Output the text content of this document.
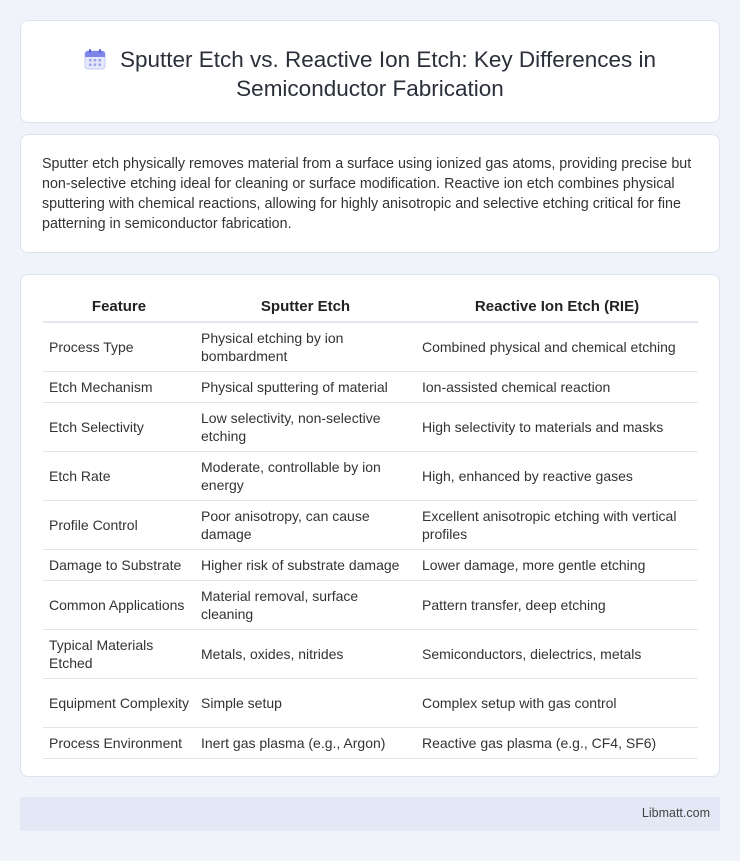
Sputter Etch vs. Reactive Ion Etch: Key Differences in Semiconductor Fabrication

Sputter etch physically removes material from a surface using ionized gas atoms, providing precise but non-selective etching ideal for cleaning or surface modification. Reactive ion etch combines physical sputtering with chemical reactions, allowing for highly anisotropic and selective etching critical for fine patterning in semiconductor fabrication.

Feature	Sputter Etch	Reactive Ion Etch (RIE)
Process Type	Physical etching by ion bombardment	Combined physical and chemical etching
Etch Mechanism	Physical sputtering of material	Ion-assisted chemical reaction
Etch Selectivity	Low selectivity, non-selective etching	High selectivity to materials and masks
Etch Rate	Moderate, controllable by ion energy	High, enhanced by reactive gases
Profile Control	Poor anisotropy, can cause damage	Excellent anisotropic etching with vertical profiles
Damage to Substrate	Higher risk of substrate damage	Lower damage, more gentle etching
Common Applications	Material removal, surface cleaning	Pattern transfer, deep etching
Typical Materials Etched	Metals, oxides, nitrides	Semiconductors, dielectrics, metals
Equipment Complexity	Simple setup	Complex setup with gas control
Process Environment	Inert gas plasma (e.g., Argon)	Reactive gas plasma (e.g., CF4, SF6)
Libmatt.com
